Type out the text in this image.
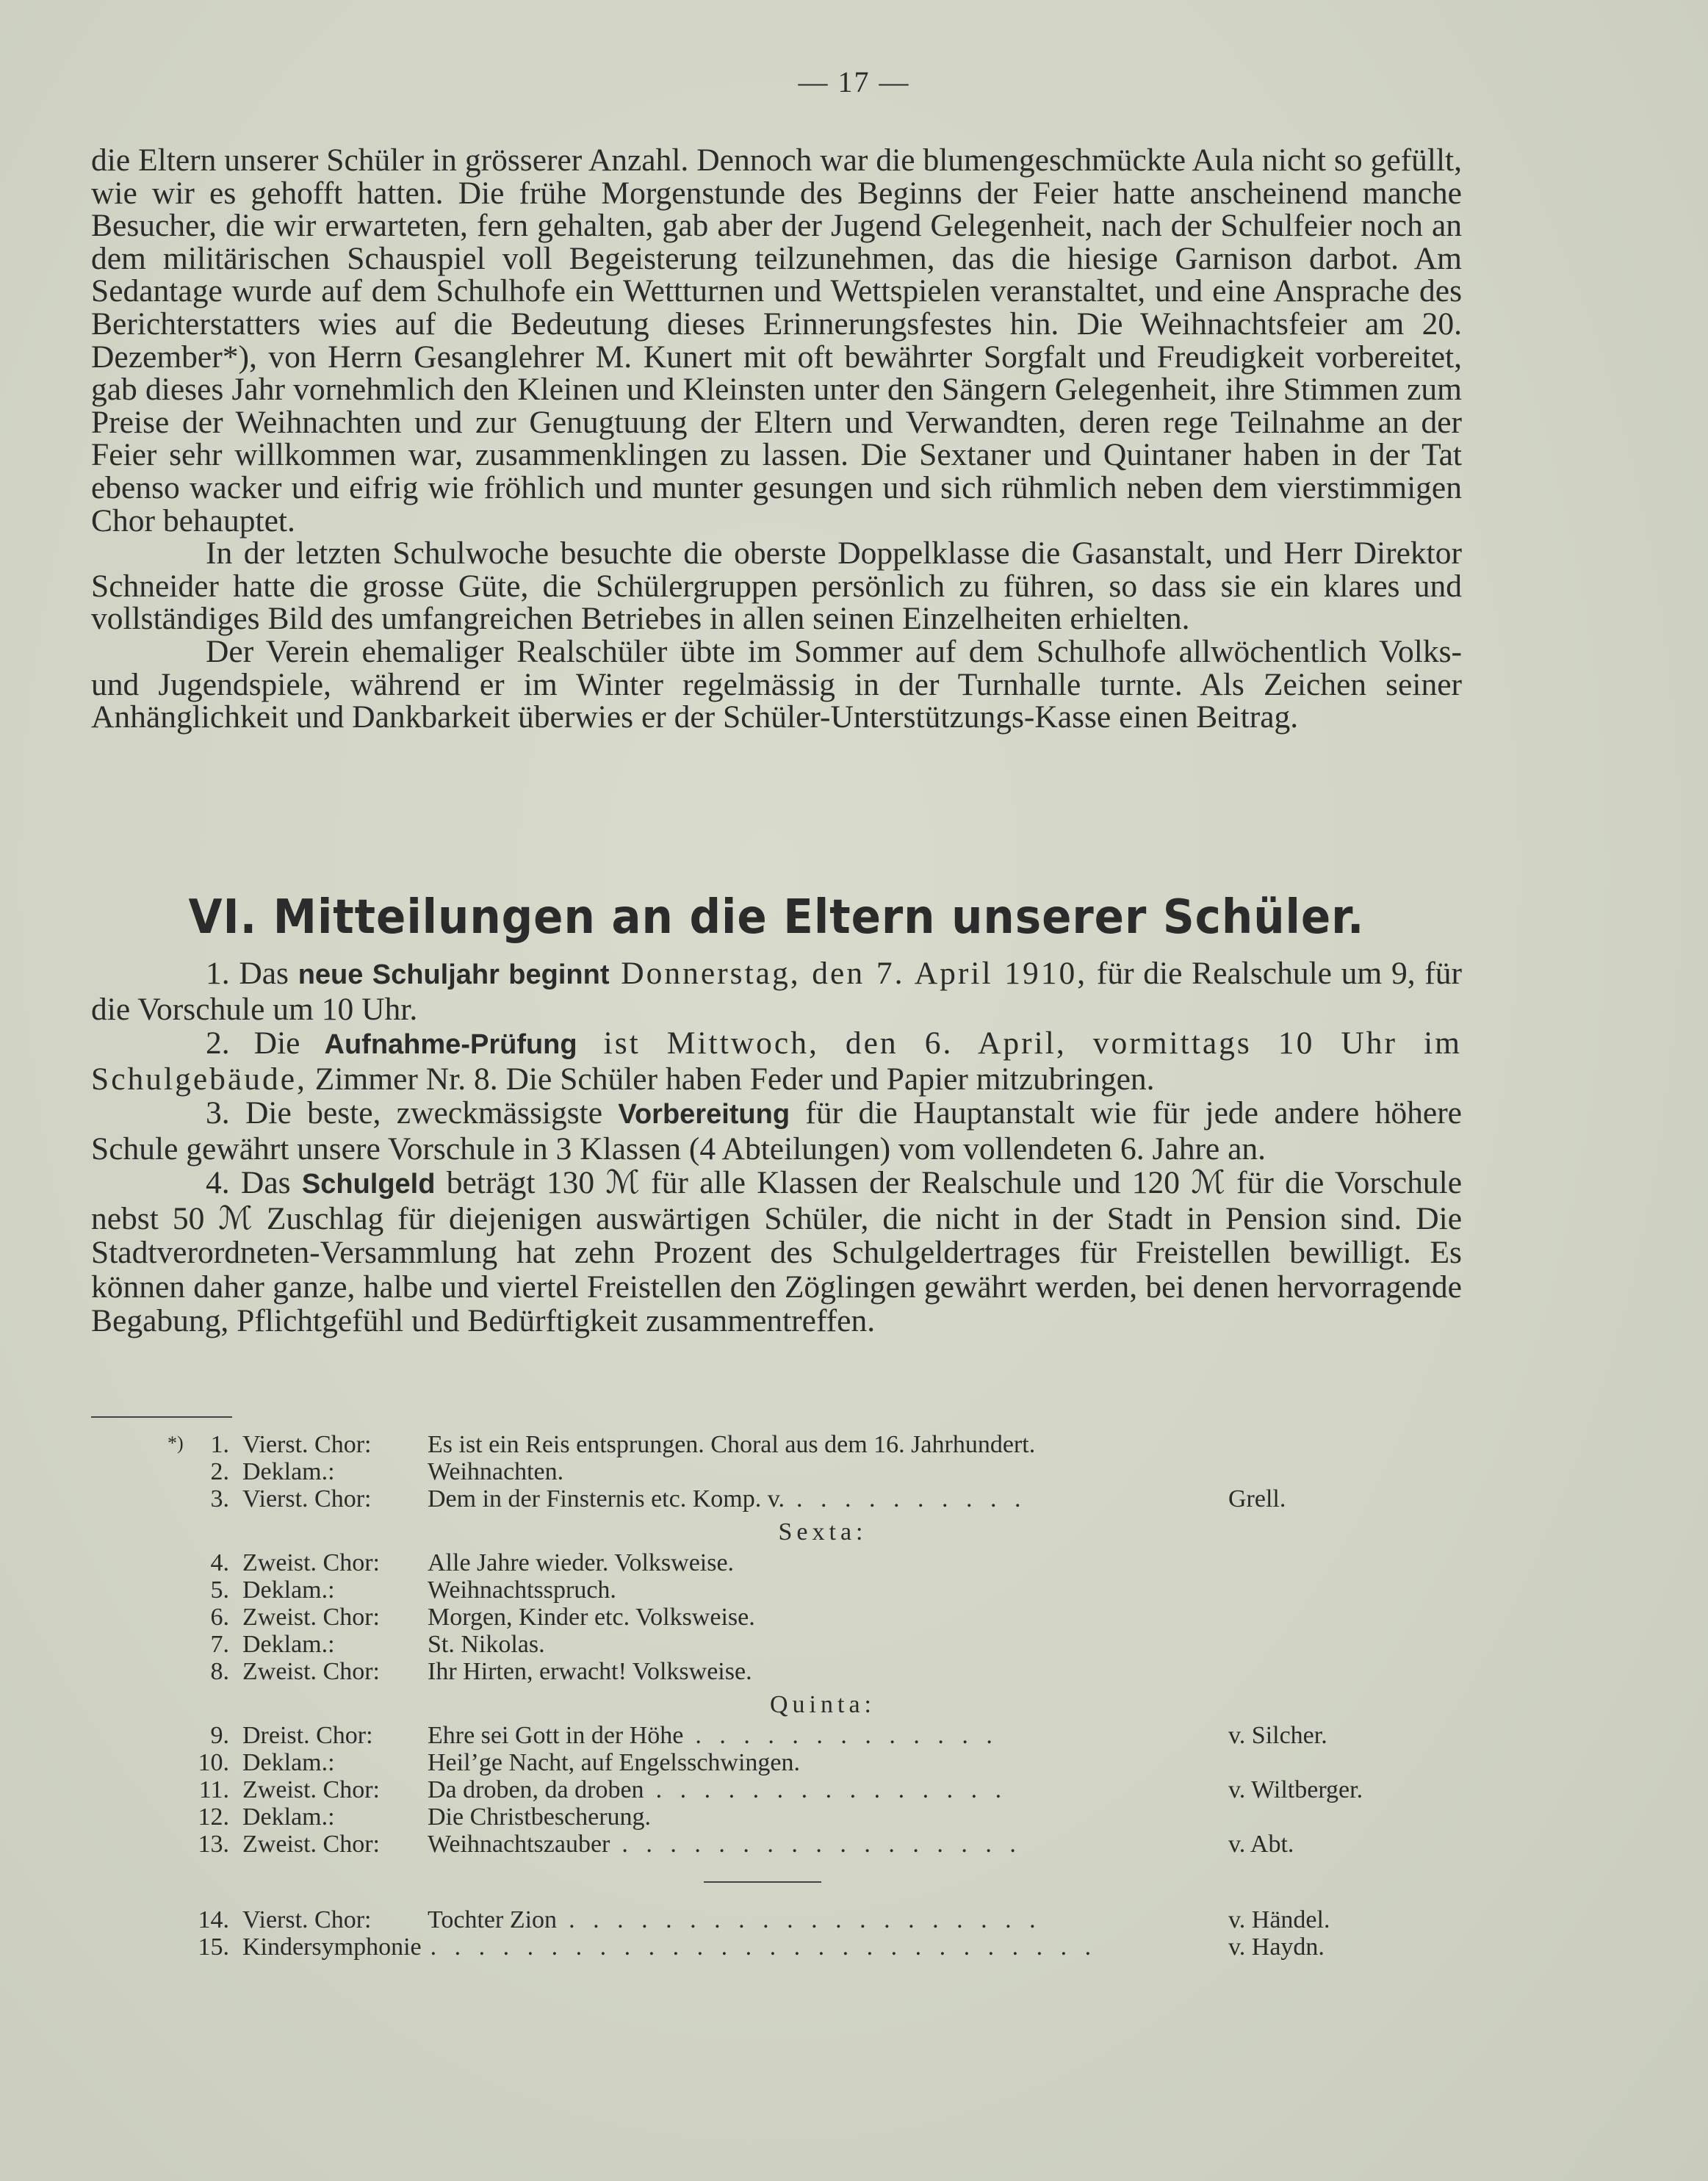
— 17 —

die Eltern unserer Schüler in grösserer Anzahl. Dennoch war die blumengeschmückte Aula nicht so gefüllt, wie wir es gehofft hatten. Die frühe Morgenstunde des Beginns der Feier hatte anscheinend manche Besucher, die wir erwarteten, fern gehalten, gab aber der Jugend Gelegenheit, nach der Schulfeier noch an dem militärischen Schauspiel voll Begeisterung teilzunehmen, das die hiesige Garnison darbot. Am Sedantage wurde auf dem Schulhofe ein Wettturnen und Wettspielen veranstaltet, und eine Ansprache des Berichterstatters wies auf die Bedeutung dieses Erinnerungsfestes hin. Die Weihnachtsfeier am 20. Dezember*), von Herrn Gesanglehrer M. Kunert mit oft bewährter Sorgfalt und Freudigkeit vorbereitet, gab dieses Jahr vornehmlich den Kleinen und Kleinsten unter den Sängern Gelegenheit, ihre Stimmen zum Preise der Weihnachten und zur Genugtuung der Eltern und Verwandten, deren rege Teilnahme an der Feier sehr willkommen war, zusammenklingen zu lassen. Die Sextaner und Quintaner haben in der Tat ebenso wacker und eifrig wie fröhlich und munter gesungen und sich rühmlich neben dem vierstimmigen Chor behauptet.

In der letzten Schulwoche besuchte die oberste Doppelklasse die Gasanstalt, und Herr Direktor Schneider hatte die grosse Güte, die Schülergruppen persönlich zu führen, so dass sie ein klares und vollständiges Bild des umfangreichen Betriebes in allen seinen Einzelheiten erhielten.

Der Verein ehemaliger Realschüler übte im Sommer auf dem Schulhofe allwöchentlich Volks- und Jugendspiele, während er im Winter regelmässig in der Turnhalle turnte. Als Zeichen seiner Anhänglichkeit und Dankbarkeit überwies er der Schüler-Unterstützungs-Kasse einen Beitrag.

VI. Mitteilungen an die Eltern unserer Schüler.

1. Das neue Schuljahr beginnt Donnerstag, den 7. April 1910, für die Realschule um 9, für die Vorschule um 10 Uhr.

2. Die Aufnahme-Prüfung ist Mittwoch, den 6. April, vormittags 10 Uhr im Schulgebäude, Zimmer Nr. 8. Die Schüler haben Feder und Papier mitzubringen.

3. Die beste, zweckmässigste Vorbereitung für die Hauptanstalt wie für jede andere höhere Schule gewährt unsere Vorschule in 3 Klassen (4 Abteilungen) vom vollendeten 6. Jahre an.

4. Das Schulgeld beträgt 130 ℳ für alle Klassen der Realschule und 120 ℳ für die Vorschule nebst 50 ℳ Zuschlag für diejenigen auswärtigen Schüler, die nicht in der Stadt in Pension sind. Die Stadtverordneten-Versammlung hat zehn Prozent des Schulgeldertrages für Freistellen bewilligt. Es können daher ganze, halbe und viertel Freistellen den Zöglingen gewährt werden, bei denen hervorragende Begabung, Pflichtgefühl und Bedürftigkeit zusammentreffen.

*) 1. Vierst. Chor: Es ist ein Reis entsprungen. Choral aus dem 16. Jahrhundert.
2. Deklam.:	Weihnachten.
3. Vierst. Chor: Dem in der Finsternis etc. Komp. v. . . . . . . . . . .	Grell.
Sexta:
4. Zweist. Chor: Alle Jahre wieder. Volksweise.
5. Deklam.:	Weihnachtsspruch.
6. Zweist. Chor: Morgen, Kinder etc. Volksweise.
7. Deklam.:	St. Nikolas.
8. Zweist. Chor: Ihr Hirten, erwacht! Volksweise.
Quinta:
9. Dreist. Chor: Ehre sei Gott in der Höhe . . . . . . . . . . . . .	v. Silcher.
10. Deklam.:	Heil’ge Nacht, auf Engelsschwingen.
11. Zweist. Chor: Da droben, da droben . . . . . . . . . . . . . . .	v. Wiltberger.
12. Deklam.:	Die Christbescherung.
13. Zweist. Chor: Weihnachtszauber . . . . . . . . . . . . . . . . .	v. Abt.
14. Vierst. Chor: Tochter Zion . . . . . . . . . . . . . . . . . . . .	v. Händel.
15. Kindersymphonie . . . . . . . . . . . . . . . . . . . . . . . . . . . .	v. Haydn.
